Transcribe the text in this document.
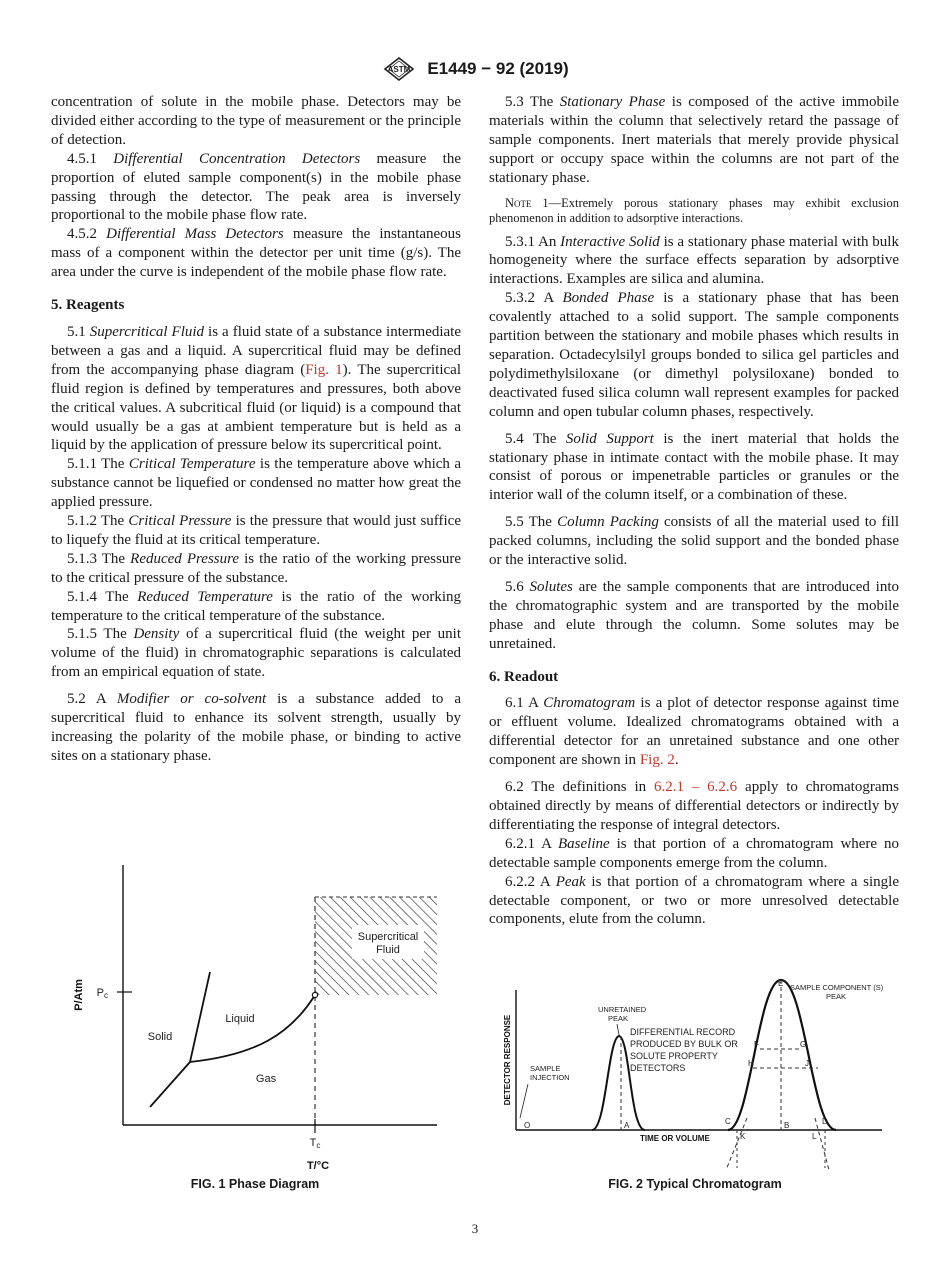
ASTM E1449 − 92 (2019)

concentration of solute in the mobile phase. Detectors may be divided either according to the type of measurement or the principle of detection.

4.5.1 Differential Concentration Detectors measure the proportion of eluted sample component(s) in the mobile phase passing through the detector. The peak area is inversely proportional to the mobile phase flow rate.

4.5.2 Differential Mass Detectors measure the instantaneous mass of a component within the detector per unit time (g/s). The area under the curve is independent of the mobile phase flow rate.

5. Reagents

5.1 Supercritical Fluid is a fluid state of a substance intermediate between a gas and a liquid. A supercritical fluid may be defined from the accompanying phase diagram (Fig. 1). The supercritical fluid region is defined by temperatures and pressures, both above the critical values. A subcritical fluid (or liquid) is a compound that would usually be a gas at ambient temperature but is held as a liquid by the application of pressure below its supercritical point.

5.1.1 The Critical Temperature is the temperature above which a substance cannot be liquefied or condensed no matter how great the applied pressure.

5.1.2 The Critical Pressure is the pressure that would just suffice to liquefy the fluid at its critical temperature.

5.1.3 The Reduced Pressure is the ratio of the working pressure to the critical pressure of the substance.

5.1.4 The Reduced Temperature is the ratio of the working temperature to the critical temperature of the substance.

5.1.5 The Density of a supercritical fluid (the weight per unit volume of the fluid) in chromatographic separations is calculated from an empirical equation of state.

5.2 A Modifier or co-solvent is a substance added to a supercritical fluid to enhance its solvent strength, usually by increasing the polarity of the mobile phase, or binding to active sites on a stationary phase.

5.3 The Stationary Phase is composed of the active immobile materials within the column that selectively retard the passage of sample components. Inert materials that merely provide physical support or occupy space within the columns are not part of the stationary phase.

Note 1—Extremely porous stationary phases may exhibit exclusion phenomenon in addition to adsorptive interactions.

5.3.1 An Interactive Solid is a stationary phase material with bulk homogeneity where the surface effects separation by adsorptive interactions. Examples are silica and alumina.

5.3.2 A Bonded Phase is a stationary phase that has been covalently attached to a solid support. The sample components partition between the stationary and mobile phases which results in separation. Octadecylsilyl groups bonded to silica gel particles and polydimethylsiloxane (or dimethyl polysiloxane) bonded to deactivated fused silica column wall represent examples for packed column and open tubular column phases, respectively.

5.4 The Solid Support is the inert material that holds the stationary phase in intimate contact with the mobile phase. It may consist of porous or impenetrable particles or granules or the interior wall of the column itself, or a combination of these.

5.5 The Column Packing consists of all the material used to fill packed columns, including the solid support and the bonded phase or the interactive solid.

5.6 Solutes are the sample components that are introduced into the chromatographic system and are transported by the mobile phase and elute through the column. Some solutes may be unretained.

6. Readout

6.1 A Chromatogram is a plot of detector response against time or effluent volume. Idealized chromatograms obtained with a differential detector for an unretained substance and one other component are shown in Fig. 2.

6.2 The definitions in 6.2.1 – 6.2.6 apply to chromatograms obtained directly by means of differential detectors or indirectly by differentiating the response of integral detectors.

6.2.1 A Baseline is that portion of a chromatogram where no detectable sample components emerge from the column.

6.2.2 A Peak is that portion of a chromatogram where a single detectable component, or two or more unresolved detectable components, elute from the column.

Supercritical
Fluid
Liquid
Solid
Gas
Pc
Tc
T/°C
P/Atm
FIG. 1 Phase Diagram
O	A	B
C	D
E
F	G
H	J
K	L
SAMPLE
INJECTION
UNRETAINED
PEAK
DIFFERENTIAL RECORD
PRODUCED BY BULK OR
SOLUTE PROPERTY
DETECTORS
SAMPLE COMPONENT (S)
PEAK
TIME OR VOLUME
DETECTOR RESPONSE
FIG. 2 Typical Chromatogram
3
